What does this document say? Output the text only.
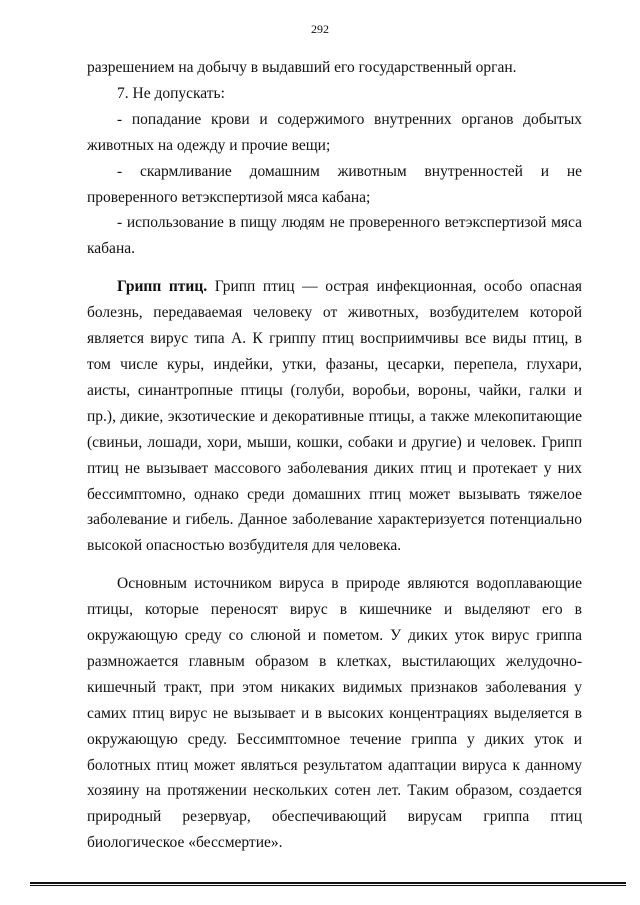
292

разрешением на добычу в выдавший его государственный орган.

7. Не допускать:

- попадание крови и содержимого внутренних органов добытых животных на одежду и прочие вещи;

- скармливание домашним животным внутренностей и не проверенного ветэкспертизой мяса кабана;

- использование в пищу людям не проверенного ветэкспертизой мяса кабана.

Грипп птиц. Грипп птиц — острая инфекционная, особо опасная болезнь, передаваемая человеку от животных, возбудителем которой является вирус типа А. К гриппу птиц восприимчивы все виды птиц, в том числе куры, индейки, утки, фазаны, цесарки, перепела, глухари, аисты, синантропные птицы (голуби, воробьи, вороны, чайки, галки и пр.), дикие, экзотические и декоративные птицы, а также млекопитающие (свиньи, лошади, хори, мыши, кошки, собаки и другие) и человек. Грипп птиц не вызывает массового заболевания диких птиц и протекает у них бессимптомно, однако среди домашних птиц может вызывать тяжелое заболевание и гибель. Данное заболевание характеризуется потенциально высокой опасностью возбудителя для человека.

Основным источником вируса в природе являются водоплавающие птицы, которые переносят вирус в кишечнике и выделяют его в окружающую среду со слюной и пометом. У диких уток вирус гриппа размножается главным образом в клетках, выстилающих желудочно-кишечный тракт, при этом никаких видимых признаков заболевания у самих птиц вирус не вызывает и в высоких концентрациях выделяется в окружающую среду. Бессимптомное течение гриппа у диких уток и болотных птиц может являться результатом адаптации вируса к данному хозяину на протяжении нескольких сотен лет. Таким образом, создается природный резервуар, обеспечивающий вирусам гриппа птиц биологическое «бессмертие».
